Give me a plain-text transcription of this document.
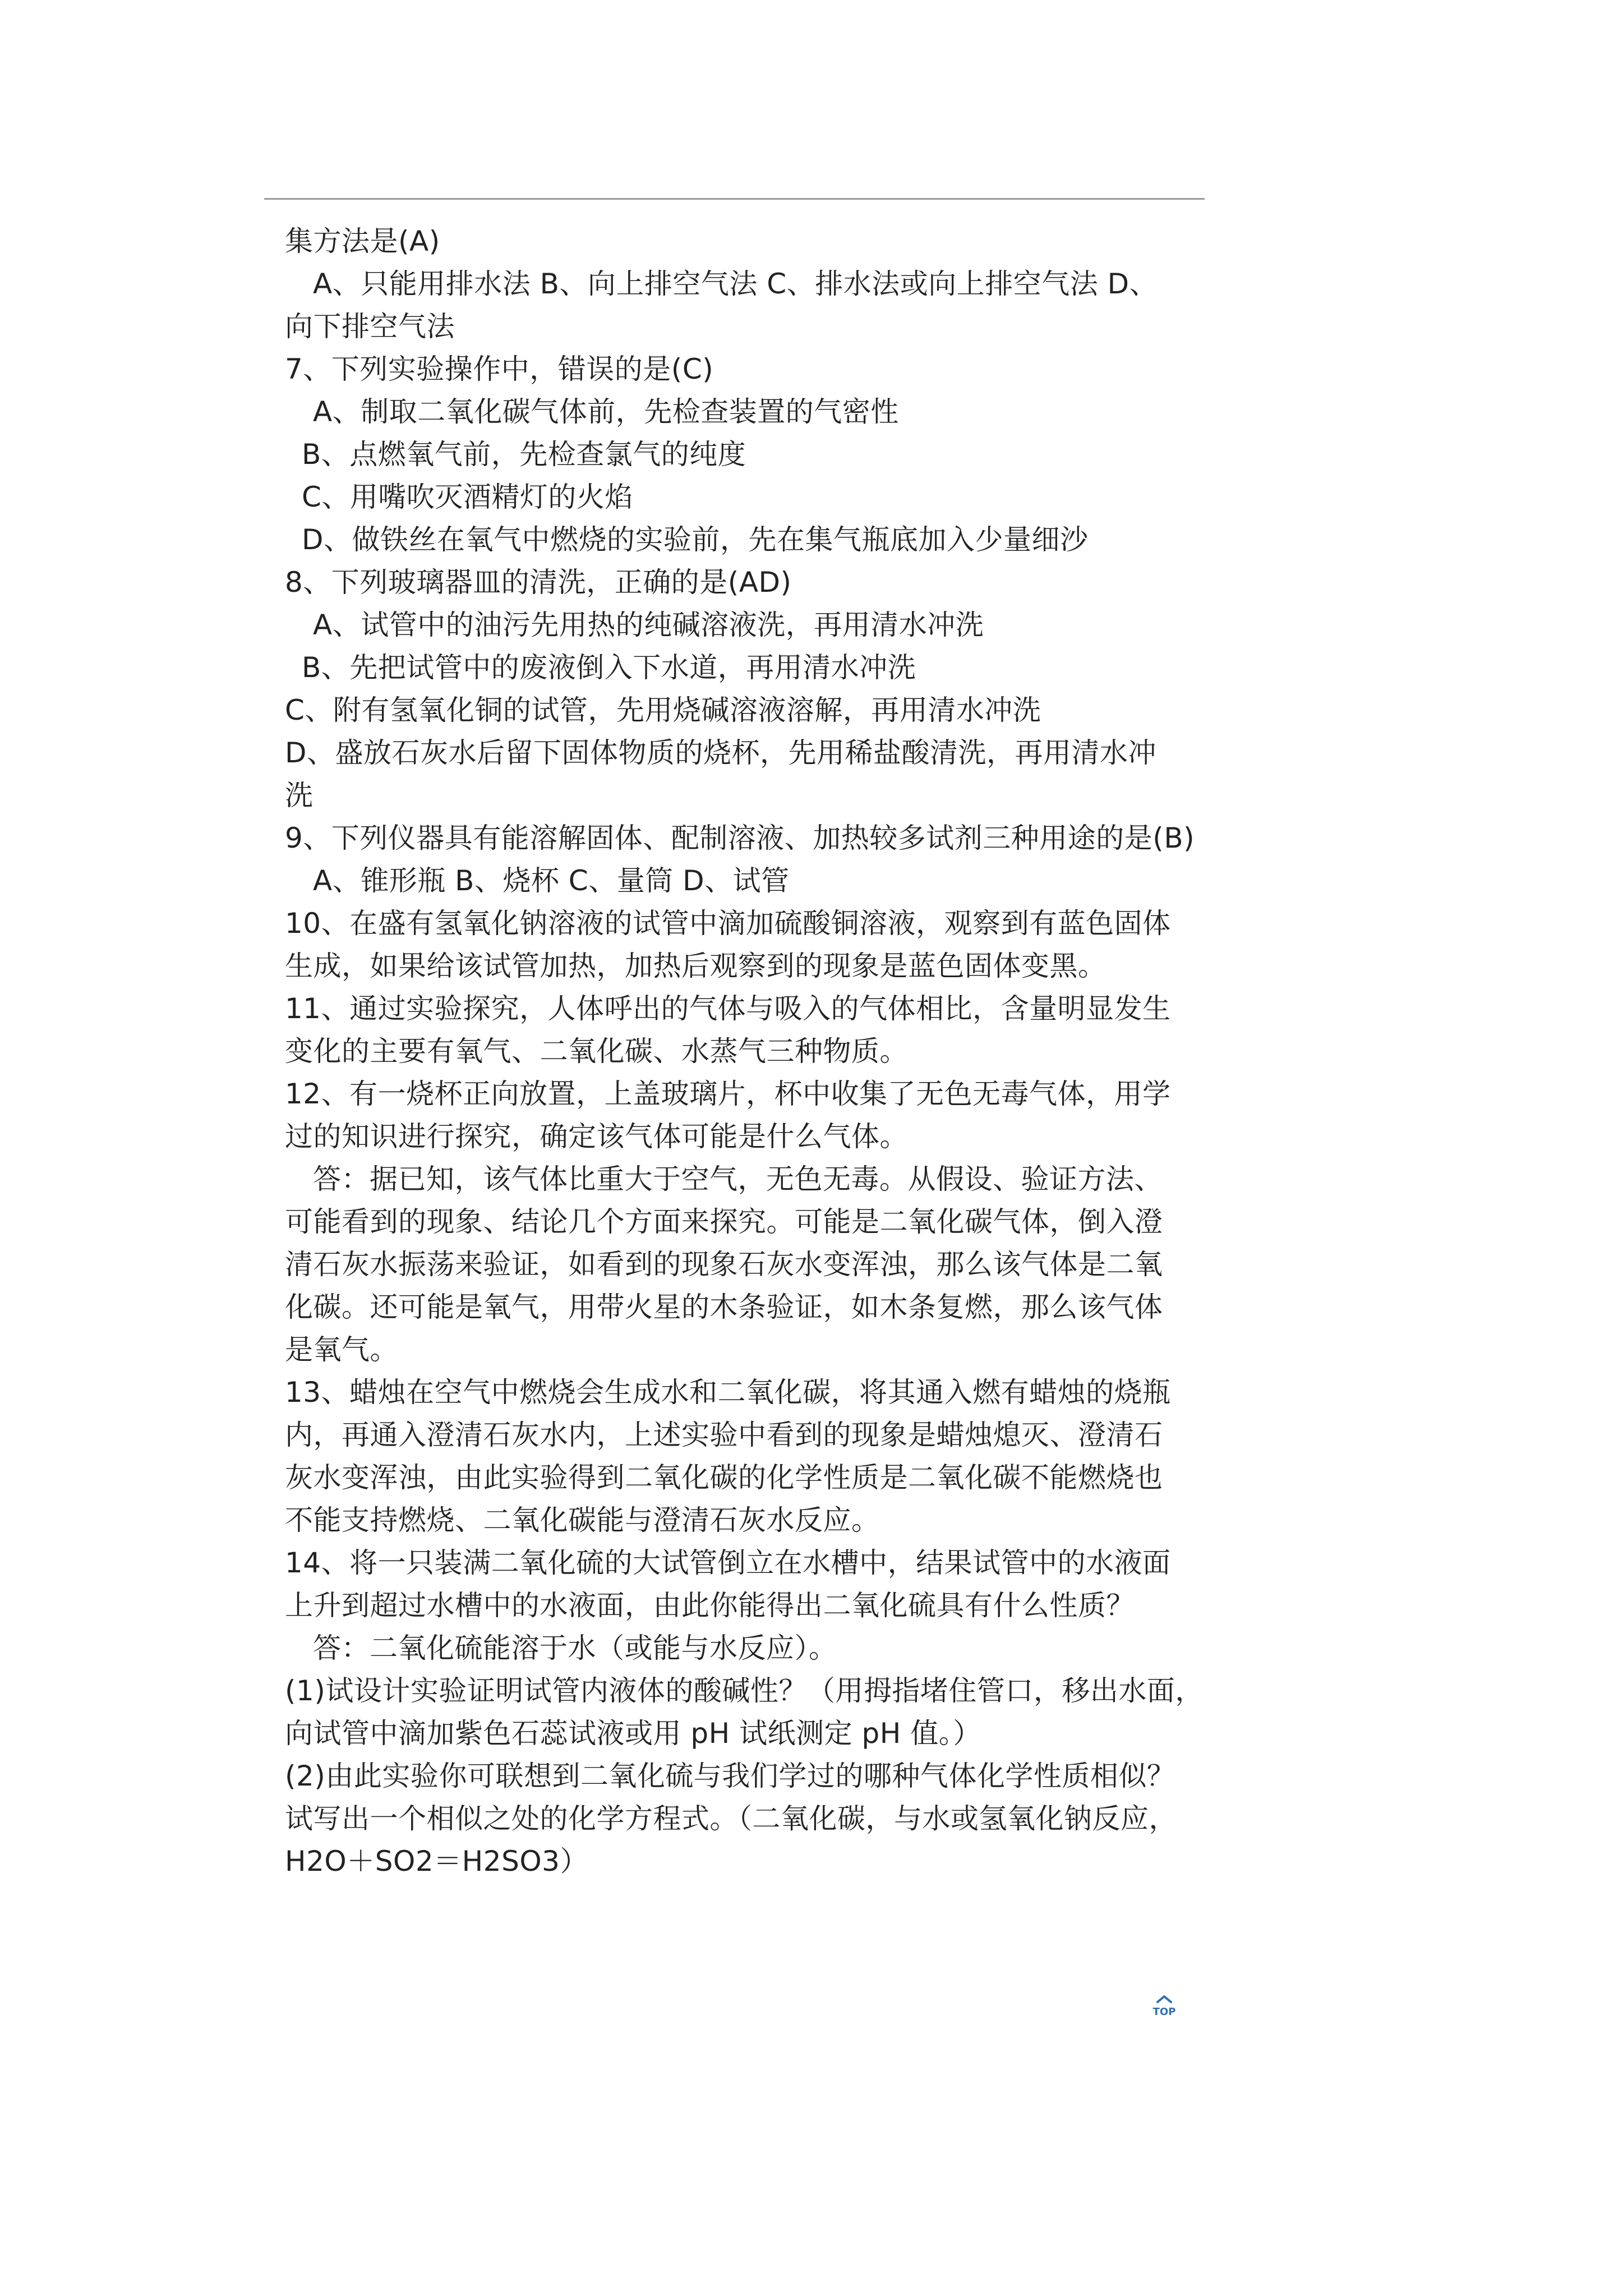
集方法是(A)
A、只能用排水法 B、向上排空气法 C、排水法或向上排空气法 D、
向下排空气法
7、下列实验操作中，错误的是(C)
A、制取二氧化碳气体前，先检查装置的气密性
B、点燃氧气前，先检查氯气的纯度
C、用嘴吹灭酒精灯的火焰
D、做铁丝在氧气中燃烧的实验前，先在集气瓶底加入少量细沙
8、下列玻璃器皿的清洗，正确的是(AD)
A、试管中的油污先用热的纯碱溶液洗，再用清水冲洗
B、先把试管中的废液倒入下水道，再用清水冲洗
C、附有氢氧化铜的试管，先用烧碱溶液溶解，再用清水冲洗
D、盛放石灰水后留下固体物质的烧杯，先用稀盐酸清洗，再用清水冲
洗
9、下列仪器具有能溶解固体、配制溶液、加热较多试剂三种用途的是(B)
A、锥形瓶 B、烧杯 C、量筒 D、试管
10、在盛有氢氧化钠溶液的试管中滴加硫酸铜溶液，观察到有蓝色固体
生成，如果给该试管加热，加热后观察到的现象是蓝色固体变黑。
11、通过实验探究，人体呼出的气体与吸入的气体相比，含量明显发生
变化的主要有氧气、二氧化碳、水蒸气三种物质。
12、有一烧杯正向放置，上盖玻璃片，杯中收集了无色无毒气体，用学
过的知识进行探究，确定该气体可能是什么气体。
答：据已知，该气体比重大于空气，无色无毒。从假设、验证方法、
可能看到的现象、结论几个方面来探究。可能是二氧化碳气体，倒入澄
清石灰水振荡来验证，如看到的现象石灰水变浑浊，那么该气体是二氧
化碳。还可能是氧气，用带火星的木条验证，如木条复燃，那么该气体
是氧气。
13、蜡烛在空气中燃烧会生成水和二氧化碳，将其通入燃有蜡烛的烧瓶
内，再通入澄清石灰水内，上述实验中看到的现象是蜡烛熄灭、澄清石
灰水变浑浊，由此实验得到二氧化碳的化学性质是二氧化碳不能燃烧也
不能支持燃烧、二氧化碳能与澄清石灰水反应。
14、将一只装满二氧化硫的大试管倒立在水槽中，结果试管中的水液面
上升到超过水槽中的水液面，由此你能得出二氧化硫具有什么性质？
答：二氧化硫能溶于水（或能与水反应）。
(1)试设计实验证明试管内液体的酸碱性？（用拇指堵住管口，移出水面，
向试管中滴加紫色石蕊试液或用 pH 试纸测定 pH 值。）
(2)由此实验你可联想到二氧化硫与我们学过的哪种气体化学性质相似？
试写出一个相似之处的化学方程式。（二氧化碳，与水或氢氧化钠反应，
H2O＋SO2＝H2SO3）
TOP
